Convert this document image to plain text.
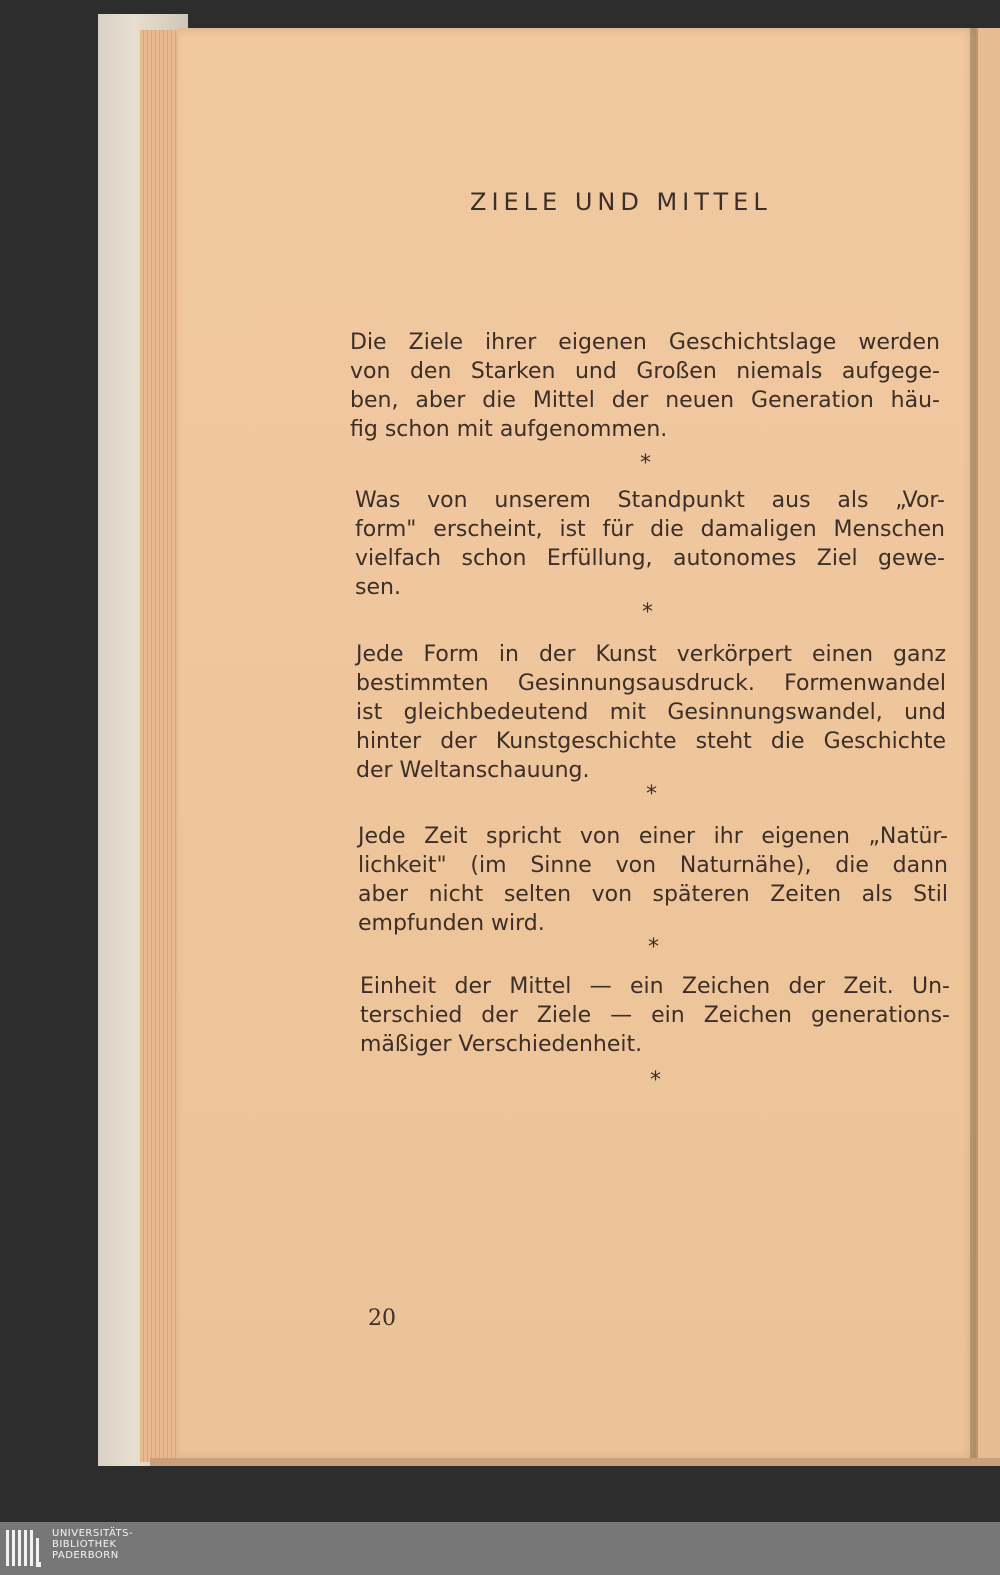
ZIELE UND MITTEL
Die Ziele ihrer eigenen Geschichtslage werden
von den Starken und Großen niemals aufgege-
ben, aber die Mittel der neuen Generation häu-
fig schon mit aufgenommen.
*
Was von unserem Standpunkt aus als „Vor-
form" erscheint, ist für die damaligen Menschen
vielfach schon Erfüllung, autonomes Ziel gewe-
sen.
*
Jede Form in der Kunst verkörpert einen ganz
bestimmten Gesinnungsausdruck. Formenwandel
ist gleichbedeutend mit Gesinnungswandel, und
hinter der Kunstgeschichte steht die Geschichte
der Weltanschauung.
*
Jede Zeit spricht von einer ihr eigenen „Natür-
lichkeit" (im Sinne von Naturnähe), die dann
aber nicht selten von späteren Zeiten als Stil
empfunden wird.
*
Einheit der Mittel — ein Zeichen der Zeit. Un-
terschied der Ziele — ein Zeichen generations-
mäßiger Verschiedenheit.
*
20
UNIVERSITÄTS-
BIBLIOTHEK
PADERBORN
